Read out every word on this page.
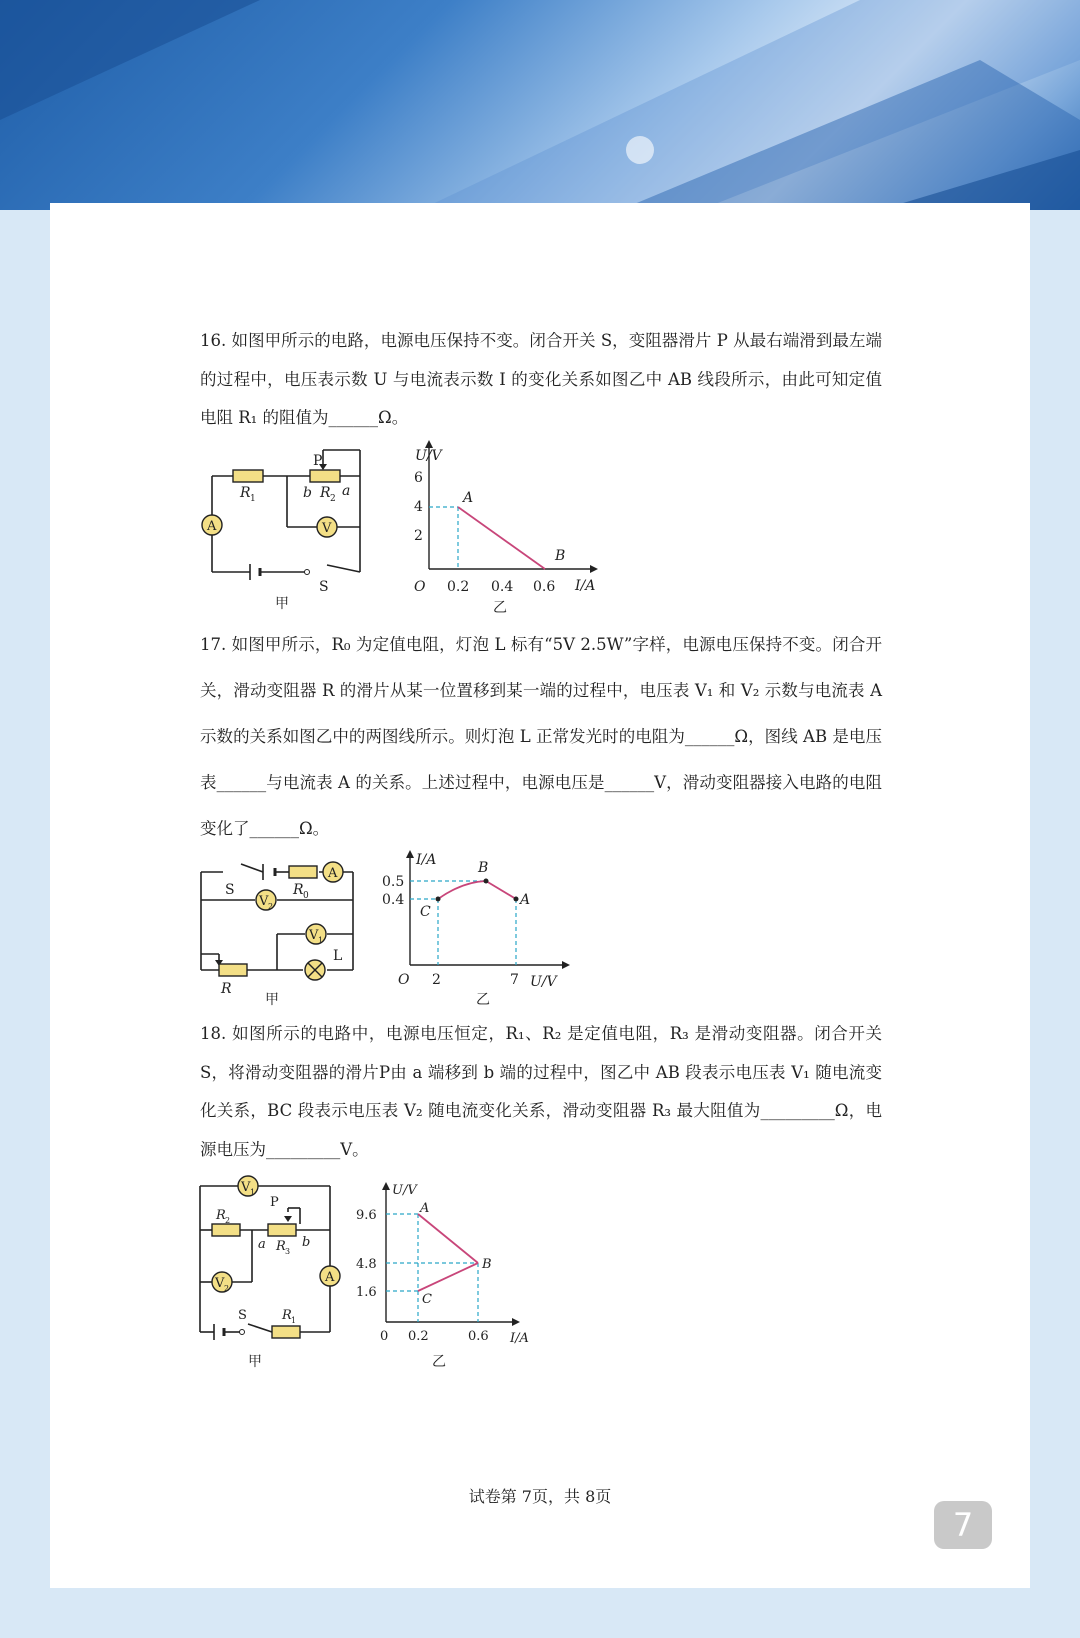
16. 如图甲所示的电路，电源电压保持不变。闭合开关 S，变阻器滑片 P 从最右端滑到最左端的过程中，电压表示数 U 与电流表示数 I 的变化关系如图乙中 AB 线段所示，由此可知定值电阻 R₁ 的阻值为______Ω。
A	V
P
R 1	b R 2 a
S
甲
U/V
I/A
O
6
4
2
0.2 0.4 0.6
A
B
乙
17. 如图甲所示，R₀ 为定值电阻，灯泡 L 标有“5V 2.5W”字样，电源电压保持不变。闭合开关，滑动变阻器 R 的滑片从某一位置移到某一端的过程中，电压表 V₁ 和 V₂ 示数与电流表 A 示数的关系如图乙中的两图线所示。则灯泡 L 正常发光时的电阻为______Ω，图线 AB 是电压表______与电流表 A 的关系。上述过程中，电源电压是______V，滑动变阻器接入电路的电阻变化了______Ω。
A
V 2
V 1
L
S	R 0
R
甲
I/A
U/V
O
0.5
0.4
2	7
A
B
C
乙
18. 如图所示的电路中，电源电压恒定，R₁、R₂ 是定值电阻，R₃ 是滑动变阻器。闭合开关 S，将滑动变阻器的滑片P由 a 端移到 b 端的过程中，图乙中 AB 段表示电压表 V₁ 随电流变化关系，BC 段表示电压表 V₂ 随电流变化关系，滑动变阻器 R₃ 最大阻值为_________Ω，电源电压为_________V。
V 1
V 2
A
R 2
P
a R 3
b
S	R 1
甲
U/V
I/A
0
9.6
4.8
1.6
0.2	0.6
A
B
C
乙
试卷第 7页，共 8页
7
